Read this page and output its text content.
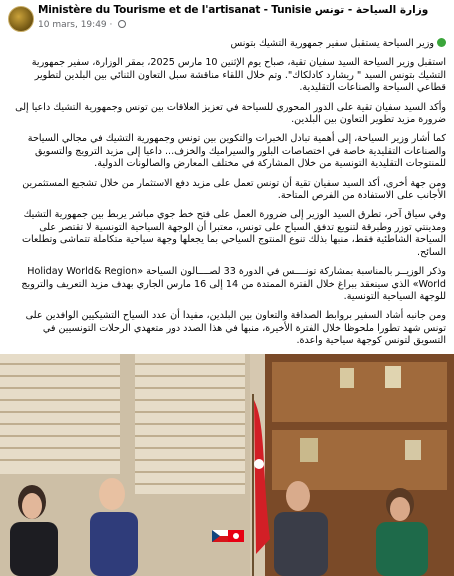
Ministère du Tourisme et de l'artisanat - Tunisie وزارة السياحة - تونس
10 mars, 19:49 ·

وزير السياحة يستقبل سفير جمهورية التشيك بتونس

استقبل وزير السياحة السيد سفيان تقية، صباح يوم الإثنين 10 مارس 2025، بمقر الوزارة، سفير جمهورية التشيك بتونس السيد " ريشارد كادلكاك". وتم خلال اللقاء مناقشة سبل التعاون الثنائي بين البلدين لتطوير قطاعي السياحة والصناعات التقليدية.

وأكد السيد سفيان تقية على الدور المحوري للسياحة في تعزيز العلاقات بين تونس وجمهورية التشيك داعيا إلى ضرورة مزيد تطوير التعاون بين البلدين.

كما أشار وزير السياحة، إلى أهمية تبادل الخبرات والتكوين بين تونس وجمهورية التشيك في مجالي السياحة والصناعات التقليدية خاصة في اختصاصات البلور والسيراميك والخزف... داعيا إلى مزيد الترويج والتسويق للمنتوجات التقليدية التونسية من خلال المشاركة في مختلف المعارض والصالونات الدولية.

ومن جهة أخرى، أكد السيد سفيان تقية أن تونس تعمل على مزيد دفع الاستثمار من خلال تشجيع المستثمرين الأجانب على الاستفادة من الفرص المتاحة.

وفي سياق آخر، تطرق السيد الوزير إلى ضرورة العمل على فتح خط جوي مباشر يربط بين جمهورية التشيك ومدينتي توزر وطبرقة لتنويع تدفق السياح على تونس، معتبرا أن الوجهة السياحية التونسية لا تقتصر على السياحة الشاطئية فقط، منبها بذلك تنوع المنتوج السياحي بما يجعلها وجهة سياحية متكاملة تتماشى وتطلعات السائح.

وذكر الوزيــر بالمناسبة بمشاركة تونــــس في الدورة 33 لصــــالون السياحة «Holiday World& Region World» الذي سينعقد ببراغ خلال الفترة الممتدة من 14 إلى 16 مارس الجاري بهدف مزيد التعريف والترويج للوجهة السياحية التونسية.

ومن جانبه أشاد السفير بروابط الصداقة والتعاون بين البلدين، مفيدا أن عدد السياح التشيكيين الوافدين على تونس شهد تطورا ملحوظا خلال الفترة الأخيرة، منبها في هذا الصدد دور متعهدي الرحلات التونسيين في التسويق لتونس كوجهة سياحية واعدة.
